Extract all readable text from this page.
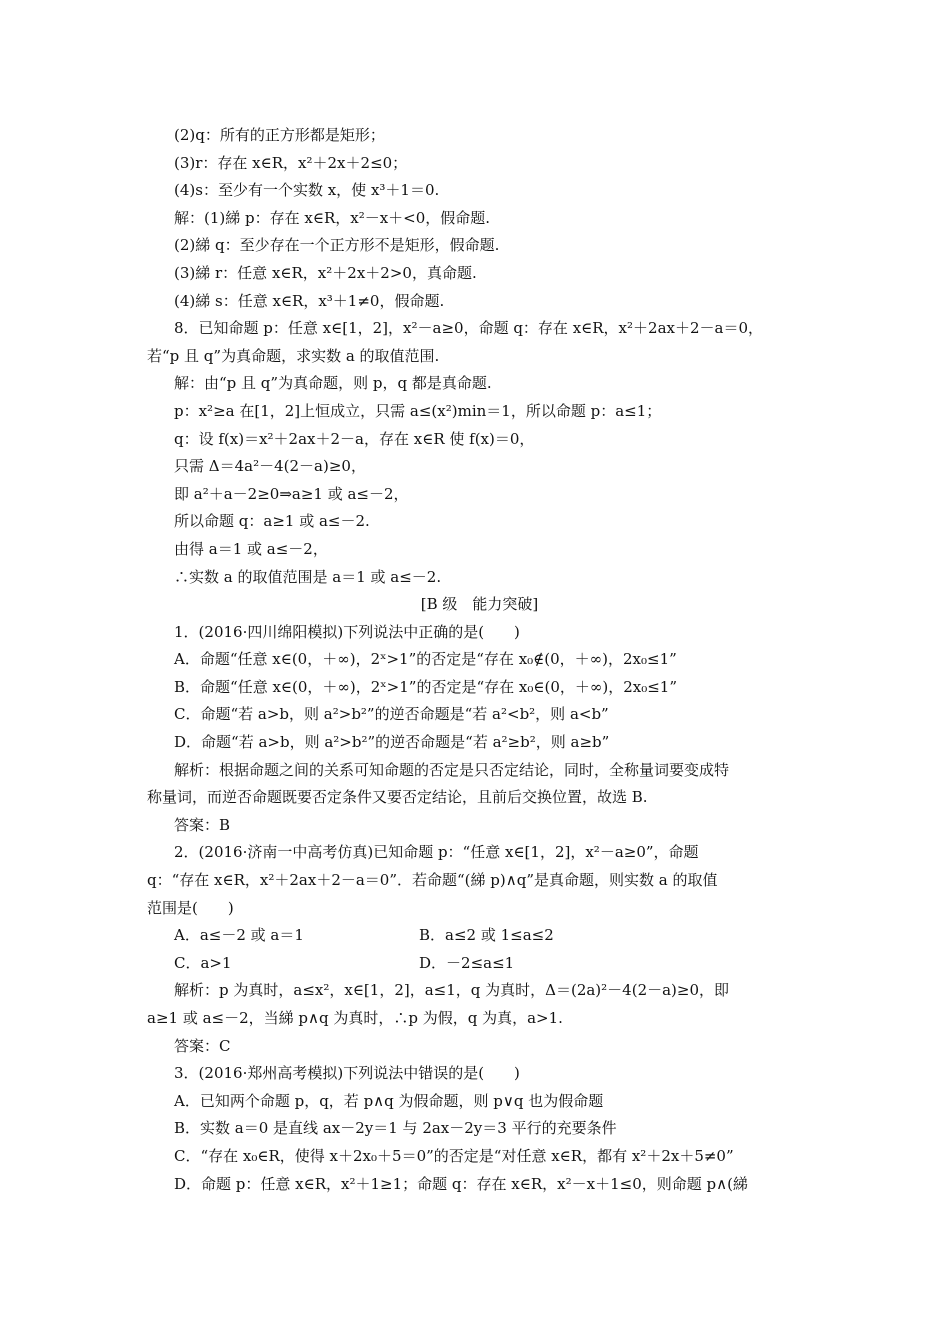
(2)q：所有的正方形都是矩形；
(3)r：存在 x∈R，x²＋2x＋2≤0；
(4)s：至少有一个实数 x，使 x³＋1＝0.
解：(1)綈 p：存在 x∈R，x²－x＋<0，假命题.
(2)綈 q：至少存在一个正方形不是矩形，假命题.
(3)綈 r：任意 x∈R，x²＋2x＋2>0，真命题.
(4)綈 s：任意 x∈R，x³＋1≠0，假命题.
8．已知命题 p：任意 x∈[1，2]，x²－a≥0，命题 q：存在 x∈R，x²＋2ax＋2－a＝0，
若“p 且 q”为真命题，求实数 a 的取值范围.
解：由“p 且 q”为真命题，则 p，q 都是真命题.
p：x²≥a 在[1，2]上恒成立，只需 a≤(x²)min＝1，所以命题 p：a≤1；
q：设 f(x)＝x²＋2ax＋2－a，存在 x∈R 使 f(x)＝0，
只需 Δ＝4a²－4(2－a)≥0，
即 a²＋a－2≥0⇒a≥1 或 a≤－2，
所以命题 q：a≥1 或 a≤－2.
由得 a＝1 或 a≤－2，
∴实数 a 的取值范围是 a＝1 或 a≤－2.
[B 级　能力突破]
1．(2016·四川绵阳模拟)下列说法中正确的是(　　)
A．命题“任意 x∈(0，＋∞)，2ˣ>1”的否定是“存在 x₀∉(0，＋∞)，2x₀≤1”
B．命题“任意 x∈(0，＋∞)，2ˣ>1”的否定是“存在 x₀∈(0，＋∞)，2x₀≤1”
C．命题“若 a>b，则 a²>b²”的逆否命题是“若 a²<b²，则 a<b”
D．命题“若 a>b，则 a²>b²”的逆否命题是“若 a²≥b²，则 a≥b”
解析：根据命题之间的关系可知命题的否定是只否定结论，同时，全称量词要变成特
称量词，而逆否命题既要否定条件又要否定结论，且前后交换位置，故选 B.
答案：B
2．(2016·济南一中高考仿真)已知命题 p：“任意 x∈[1，2]，x²－a≥0”，命题
q：“存在 x∈R，x²＋2ax＋2－a＝0”．若命题“(綈 p)∧q”是真命题，则实数 a 的取值
范围是(　　)
A．a≤－2 或 a＝1	B．a≤2 或 1≤a≤2
C．a>1	D．－2≤a≤1
解析：p 为真时，a≤x²，x∈[1，2]，a≤1，q 为真时，Δ＝(2a)²－4(2－a)≥0，即
a≥1 或 a≤－2，当綈 p∧q 为真时，∴p 为假，q 为真，a>1.
答案：C
3．(2016·郑州高考模拟)下列说法中错误的是(　　)
A．已知两个命题 p，q，若 p∧q 为假命题，则 p∨q 也为假命题
B．实数 a＝0 是直线 ax－2y＝1 与 2ax－2y＝3 平行的充要条件
C．“存在 x₀∈R，使得 x＋2x₀＋5＝0”的否定是“对任意 x∈R，都有 x²＋2x＋5≠0”
D．命题 p：任意 x∈R，x²＋1≥1；命题 q：存在 x∈R，x²－x＋1≤0，则命题 p∧(綈
